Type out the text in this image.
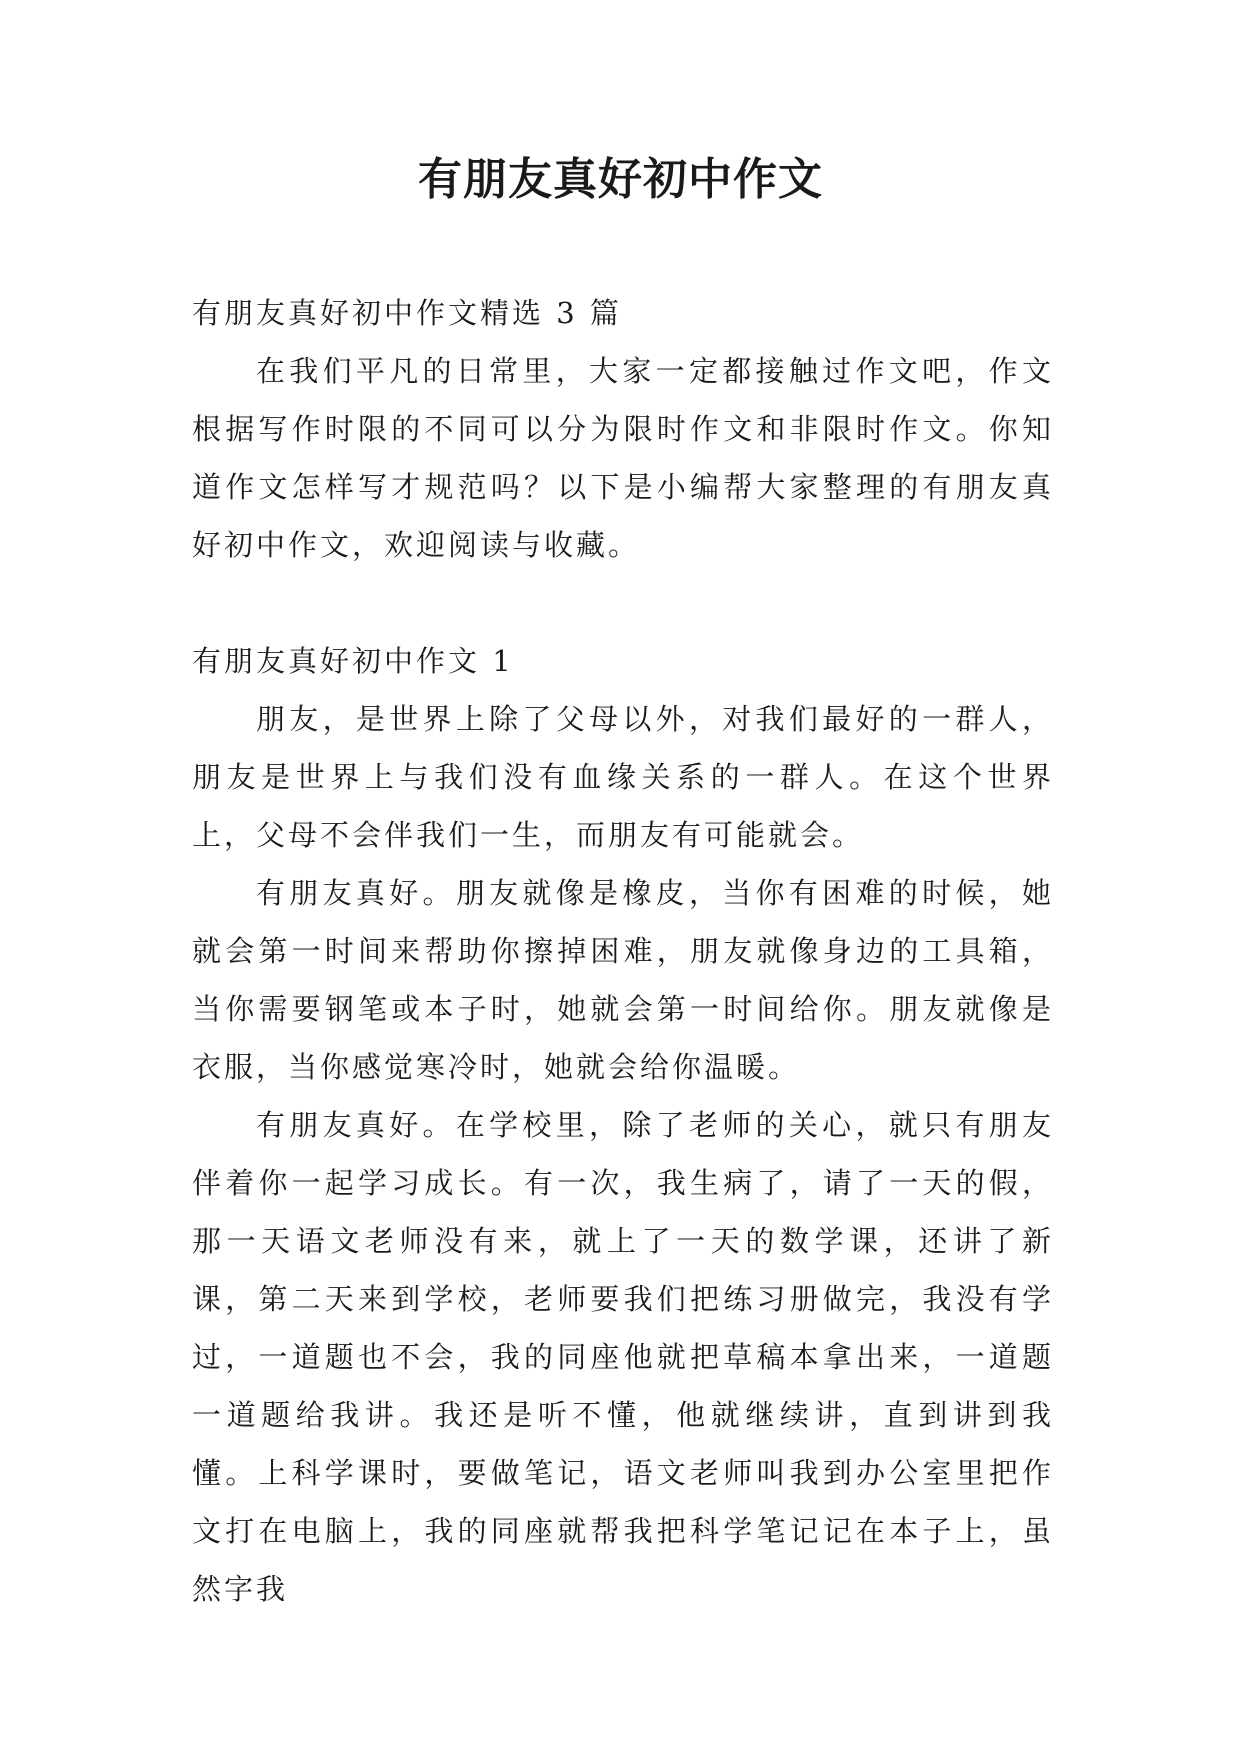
有朋友真好初中作文

有朋友真好初中作文精选 3 篇

在我们平凡的日常里，大家一定都接触过作文吧，作文根据写作时限的不同可以分为限时作文和非限时作文。你知道作文怎样写才规范吗？以下是小编帮大家整理的有朋友真好初中作文，欢迎阅读与收藏。

有朋友真好初中作文 1

朋友，是世界上除了父母以外，对我们最好的一群人，朋友是世界上与我们没有血缘关系的一群人。在这个世界上，父母不会伴我们一生，而朋友有可能就会。

有朋友真好。朋友就像是橡皮，当你有困难的时候，她就会第一时间来帮助你擦掉困难，朋友就像身边的工具箱，当你需要钢笔或本子时，她就会第一时间给你。朋友就像是衣服，当你感觉寒冷时，她就会给你温暖。

有朋友真好。在学校里，除了老师的关心，就只有朋友伴着你一起学习成长。有一次，我生病了，请了一天的假，那一天语文老师没有来，就上了一天的数学课，还讲了新课，第二天来到学校，老师要我们把练习册做完，我没有学过，一道题也不会，我的同座他就把草稿本拿出来，一道题一道题给我讲。我还是听不懂，他就继续讲，直到讲到我懂。上科学课时，要做笔记，语文老师叫我到办公室里把作文打在电脑上，我的同座就帮我把科学笔记记在本子上，虽然字我
